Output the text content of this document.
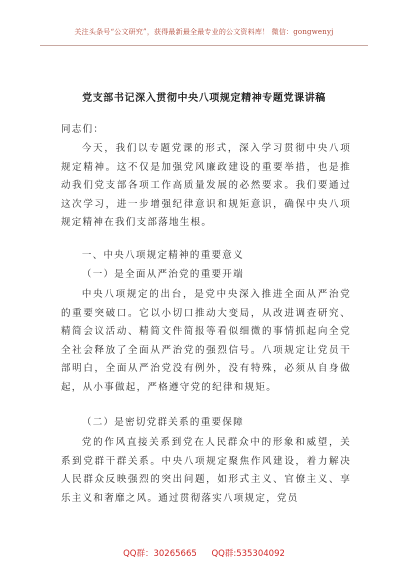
关注头条号“公文研究”，获得最新最全最专业的公文资料库！ 微信：gongwenyj
党支部书记深入贯彻中央八项规定精神专题党课讲稿

同志们：

今天，我们以专题党课的形式，深入学习贯彻中央八项规定精神。这不仅是加强党风廉政建设的重要举措，也是推动我们党支部各项工作高质量发展的必然要求。我们要通过这次学习，进一步增强纪律意识和规矩意识，确保中央八项规定精神在我们支部落地生根。

一、中央八项规定精神的重要意义

（一）是全面从严治党的重要开端

中央八项规定的出台，是党中央深入推进全面从严治党的重要突破口。它以小切口推动大变局，从改进调查研究、精简会议活动、精简文件简报等看似细微的事情抓起向全党全社会释放了全面从严治党的强烈信号。八项规定让党员干部明白，全面从严治党没有例外，没有特殊，必须从自身做起，从小事做起，严格遵守党的纪律和规矩。

（二）是密切党群关系的重要保障

党的作风直接关系到党在人民群众中的形象和威望，关系到党群干群关系。中央八项规定聚焦作风建设，着力解决人民群众反映强烈的突出问题，如形式主义、官僚主义、享乐主义和奢靡之风。通过贯彻落实八项规定，党员

QQ群：30265665 QQ群:535304092
